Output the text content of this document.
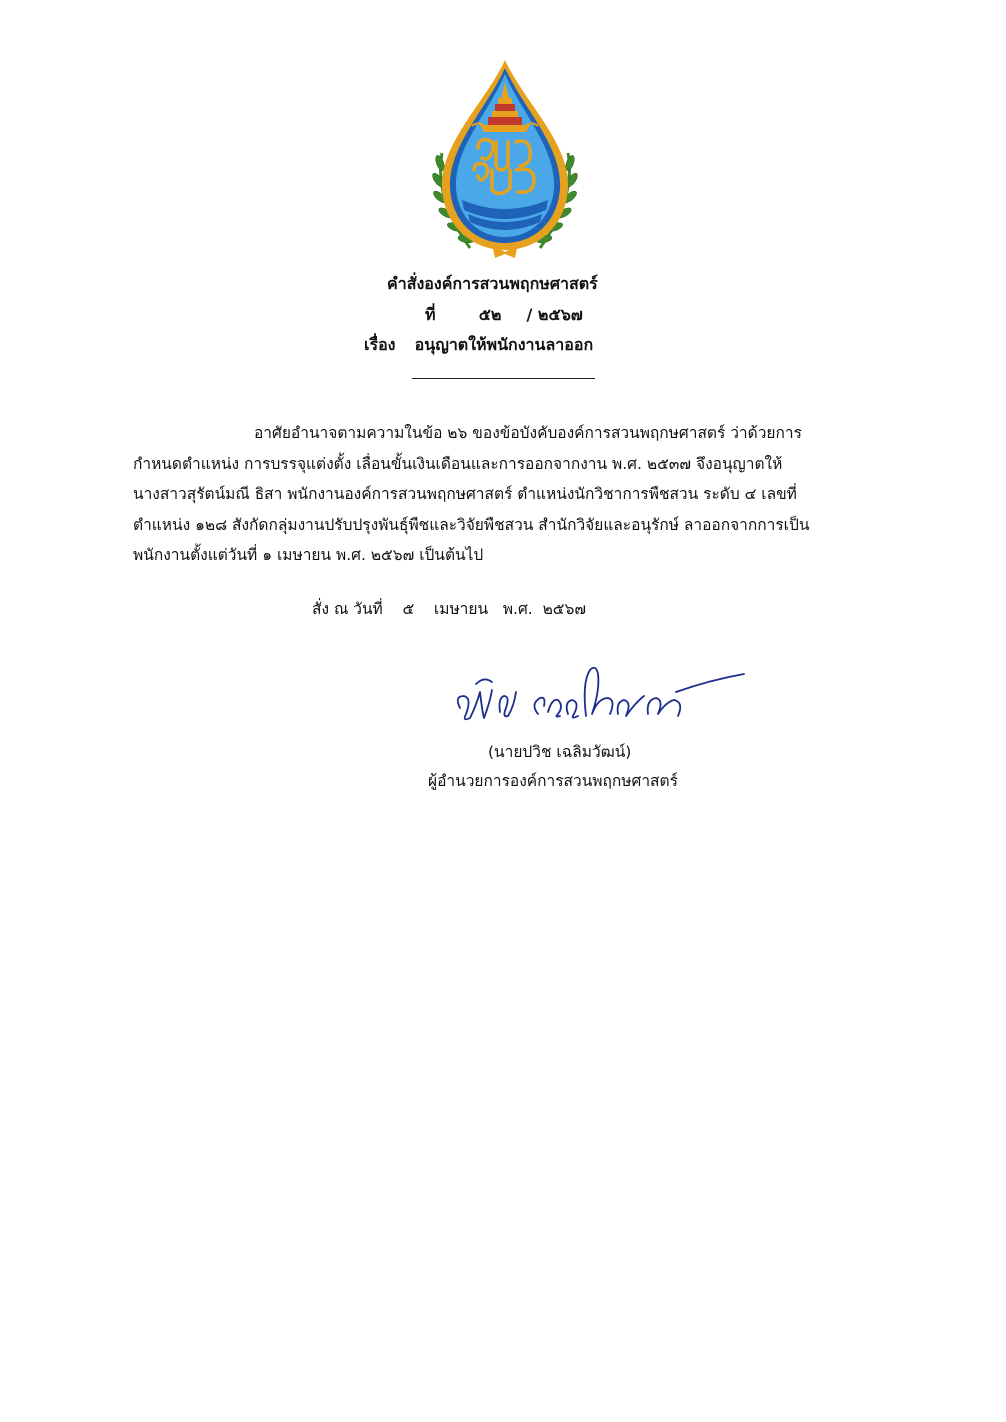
คำสั่งองค์การสวนพฤกษศาสตร์
ที่	๕๒ / ๒๕๖๗
เรื่อง อนุญาตให้พนักงานลาออก
อาศัยอำนาจตามความในข้อ ๒๖ ของข้อบังคับองค์การสวนพฤกษศาสตร์ ว่าด้วยการ
กำหนดตำแหน่ง การบรรจุแต่งตั้ง เลื่อนขั้นเงินเดือนและการออกจากงาน พ.ศ. ๒๕๓๗ จึงอนุญาตให้
นางสาวสุรัตน์มณี ธิสา พนักงานองค์การสวนพฤกษศาสตร์ ตำแหน่งนักวิชาการพืชสวน ระดับ ๔ เลขที่
ตำแหน่ง ๑๒๘ สังกัดกลุ่มงานปรับปรุงพันธุ์พืชและวิจัยพืชสวน สำนักวิจัยและอนุรักษ์ ลาออกจากการเป็น
พนักงานตั้งแต่วันที่ ๑ เมษายน พ.ศ. ๒๕๖๗ เป็นต้นไป
สั่ง ณ วันที่    ๕    เมษายน   พ.ศ.  ๒๕๖๗
(นายปวิช เฉลิมวัฒน์)
ผู้อำนวยการองค์การสวนพฤกษศาสตร์
